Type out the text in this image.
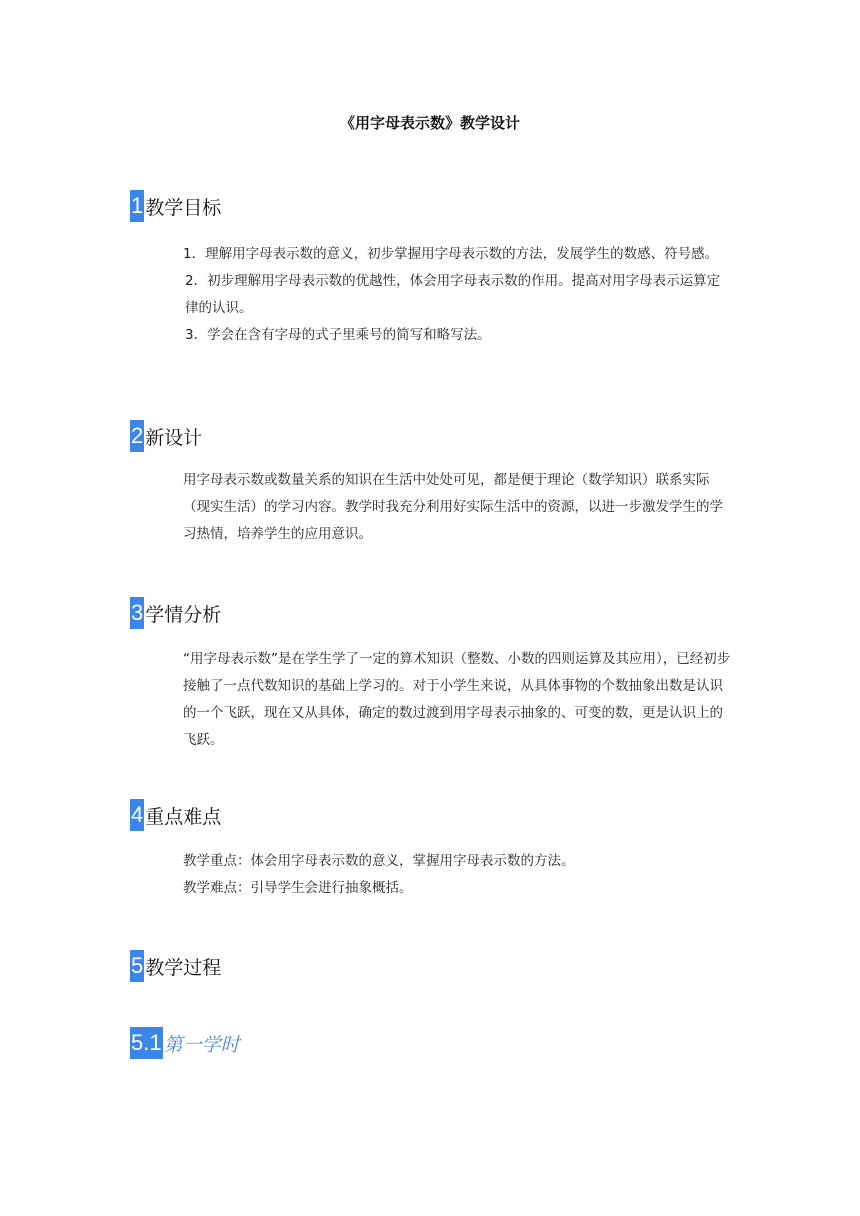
《用字母表示数》教学设计
1 教学目标

1．理解用字母表示数的意义，初步掌握用字母表示数的方法，发展学生的数感、符号感。

2．初步理解用字母表示数的优越性，体会用字母表示数的作用。提高对用字母表示运算定律的认识。

3．学会在含有字母的式子里乘号的简写和略写法。

2 新设计

用字母表示数或数量关系的知识在生活中处处可见，都是便于理论（数学知识）联系实际（现实生活）的学习内容。教学时我充分利用好实际生活中的资源，以进一步激发学生的学习热情，培养学生的应用意识。

3 学情分析

“用字母表示数”是在学生学了一定的算术知识（整数、小数的四则运算及其应用），已经初步接触了一点代数知识的基础上学习的。对于小学生来说，从具体事物的个数抽象出数是认识的一个飞跃，现在又从具体，确定的数过渡到用字母表示抽象的、可变的数，更是认识上的飞跃。

4 重点难点

教学重点：体会用字母表示数的意义，掌握用字母表示数的方法。

教学难点：引导学生会进行抽象概括。

5 教学过程
5.1 第一学时
